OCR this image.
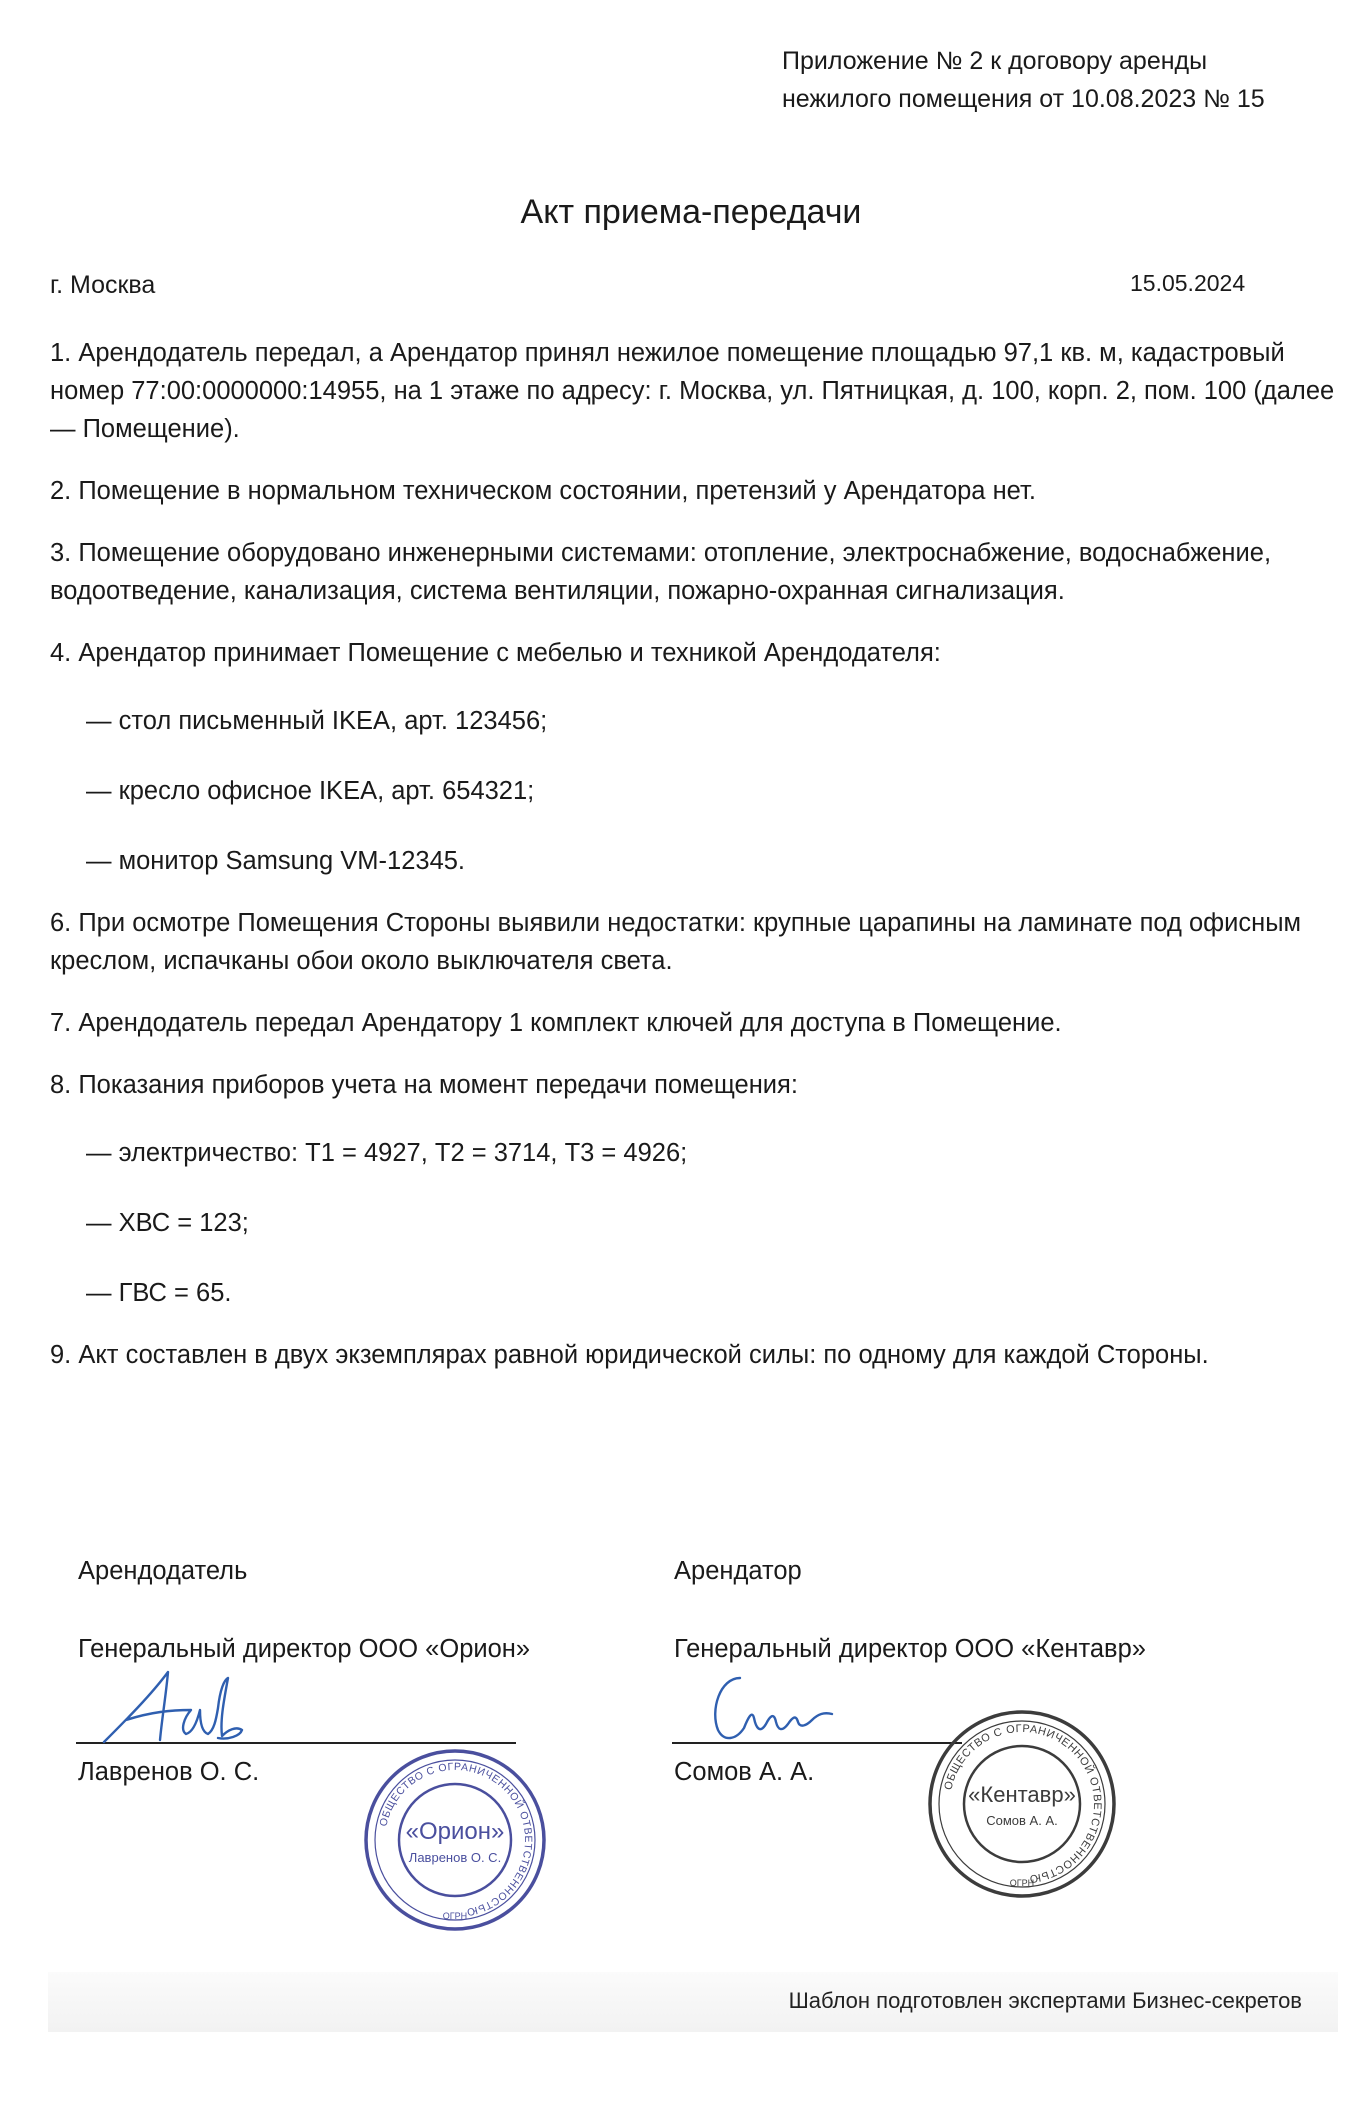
Приложение № 2 к договору аренды
нежилого помещения от 10.08.2023 № 15
Акт приема-передачи
г. Москва	15.05.2024

1. Арендодатель передал, а Арендатор принял нежилое помещение площадью 97,1 кв. м, кадастровый номер 77:00:0000000:14955, на 1 этаже по адресу: г. Москва, ул. Пятницкая, д. 100, корп. 2, пом. 100 (далее — Помещение).

2. Помещение в нормальном техническом состоянии, претензий у Арендатора нет.

3. Помещение оборудовано инженерными системами: отопление, электроснабжение, водоснабжение, водоотведение, канализация, система вентиляции, пожарно-охранная сигнализация.

4. Арендатор принимает Помещение с мебелью и техникой Арендодателя:

— стол письменный IKEA, арт. 123456;
— кресло офисное IKEA, арт. 654321;
— монитор Samsung VM-12345.

6. При осмотре Помещения Стороны выявили недостатки: крупные царапины на ламинате под офисным креслом, испачканы обои около выключателя света.

7. Арендодатель передал Арендатору 1 комплект ключей для доступа в Помещение.

8. Показания приборов учета на момент передачи помещения:

— электричество: Т1 = 4927, Т2 = 3714, Т3 = 4926;
— ХВС = 123;
— ГВС = 65.

9. Акт составлен в двух экземплярах равной юридической силы: по одному для каждой Стороны.

Арендодатель
Генеральный директор ООО «Орион»
Лавренов О. С.
ОБЩЕСТВО С ОГРАНИЧЕННОЙ ОТВЕТСТВЕННОСТЬЮ
ОГРН
«Орион»
Лавренов О. С.
Арендатор
Генеральный директор ООО «Кентавр»
Сомов А. А.	ОБЩЕСТВО С ОГРАНИЧЕННОЙ ОТВЕТСТВЕННОСТЬЮ
ОГРН
«Кентавр»
Сомов А. А.
Шаблон подготовлен экспертами Бизнес-секретов
